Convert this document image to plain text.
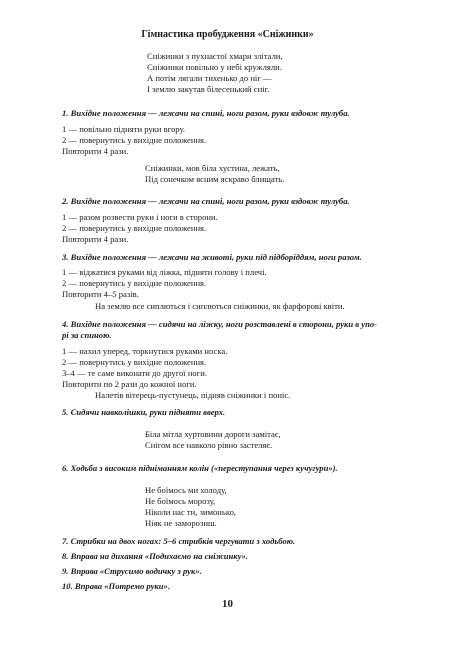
Гімнастика пробудження «Сніжинки»
Сніжинки з пухнастої хмари злітали,
Сніжинки повільно у небі кружляли.
А потім лягали тихенько до ніг —
І землю закутав білесенький сніг.
1. Вихідне положення — лежачи на спині, ноги разом, руки вздовж тулуба.
1 — повільно підняти руки вгору.
2 — повернутись у вихідне положення.
Повторити 4 рази.
Сніжинки, мов біла хустина, лежать,
Під сонечком ясним яскраво блищать.
2. Вихідне положення — лежачи на спині, ноги разом, руки вздовж тулуба.
1 — разом розвести руки і ноги в сторони.
2 — повернутись у вихідне положення.
Повторити 4 рази.
3. Вихідне положення — лежачи на животі, руки під підборіддям, ноги разом.
1 — віджатися руками від ліжка, підняти голову і плечі.
2 — повернутись у вихідне положення.
Повторити 4–5 разів.
На землю все сиплються і сиплються сніжинки, як фарфорові квіти.
4. Вихідне положення — сидячи на ліжку, ноги розставлені в сторони, руки в упо-
рі за спиною.
1 — нахил уперед, торкнутися руками носка.
2 — повернутись у вихідне положення.
3–4 — те саме виконати до другої ноги.
Повторити по 2 рази до кожної ноги.
Налетів вітерець-пустунець, підняв сніжинки і поніс.
5. Сидячи навколішки, руки підняти вверх.
Біла мітла хуртовини дороги замітає,
Снігом все навколо рівно застеляє.
6. Ходьба з високим підніманням колін («переступання через кучугури»).
Не боїмось ми холоду,
Не боїмось морозу,
Ніколи нас ти, зимонько,
Ніяк не заморозиш.
7. Стрибки на двох ногах: 5–6 стрибків чергувати з ходьбою.
8. Вправа на дихання «Подихаємо на сніжинку».
9. Вправа «Струсимо водичку з рук».
10. Вправа «Потремо руки».
10
